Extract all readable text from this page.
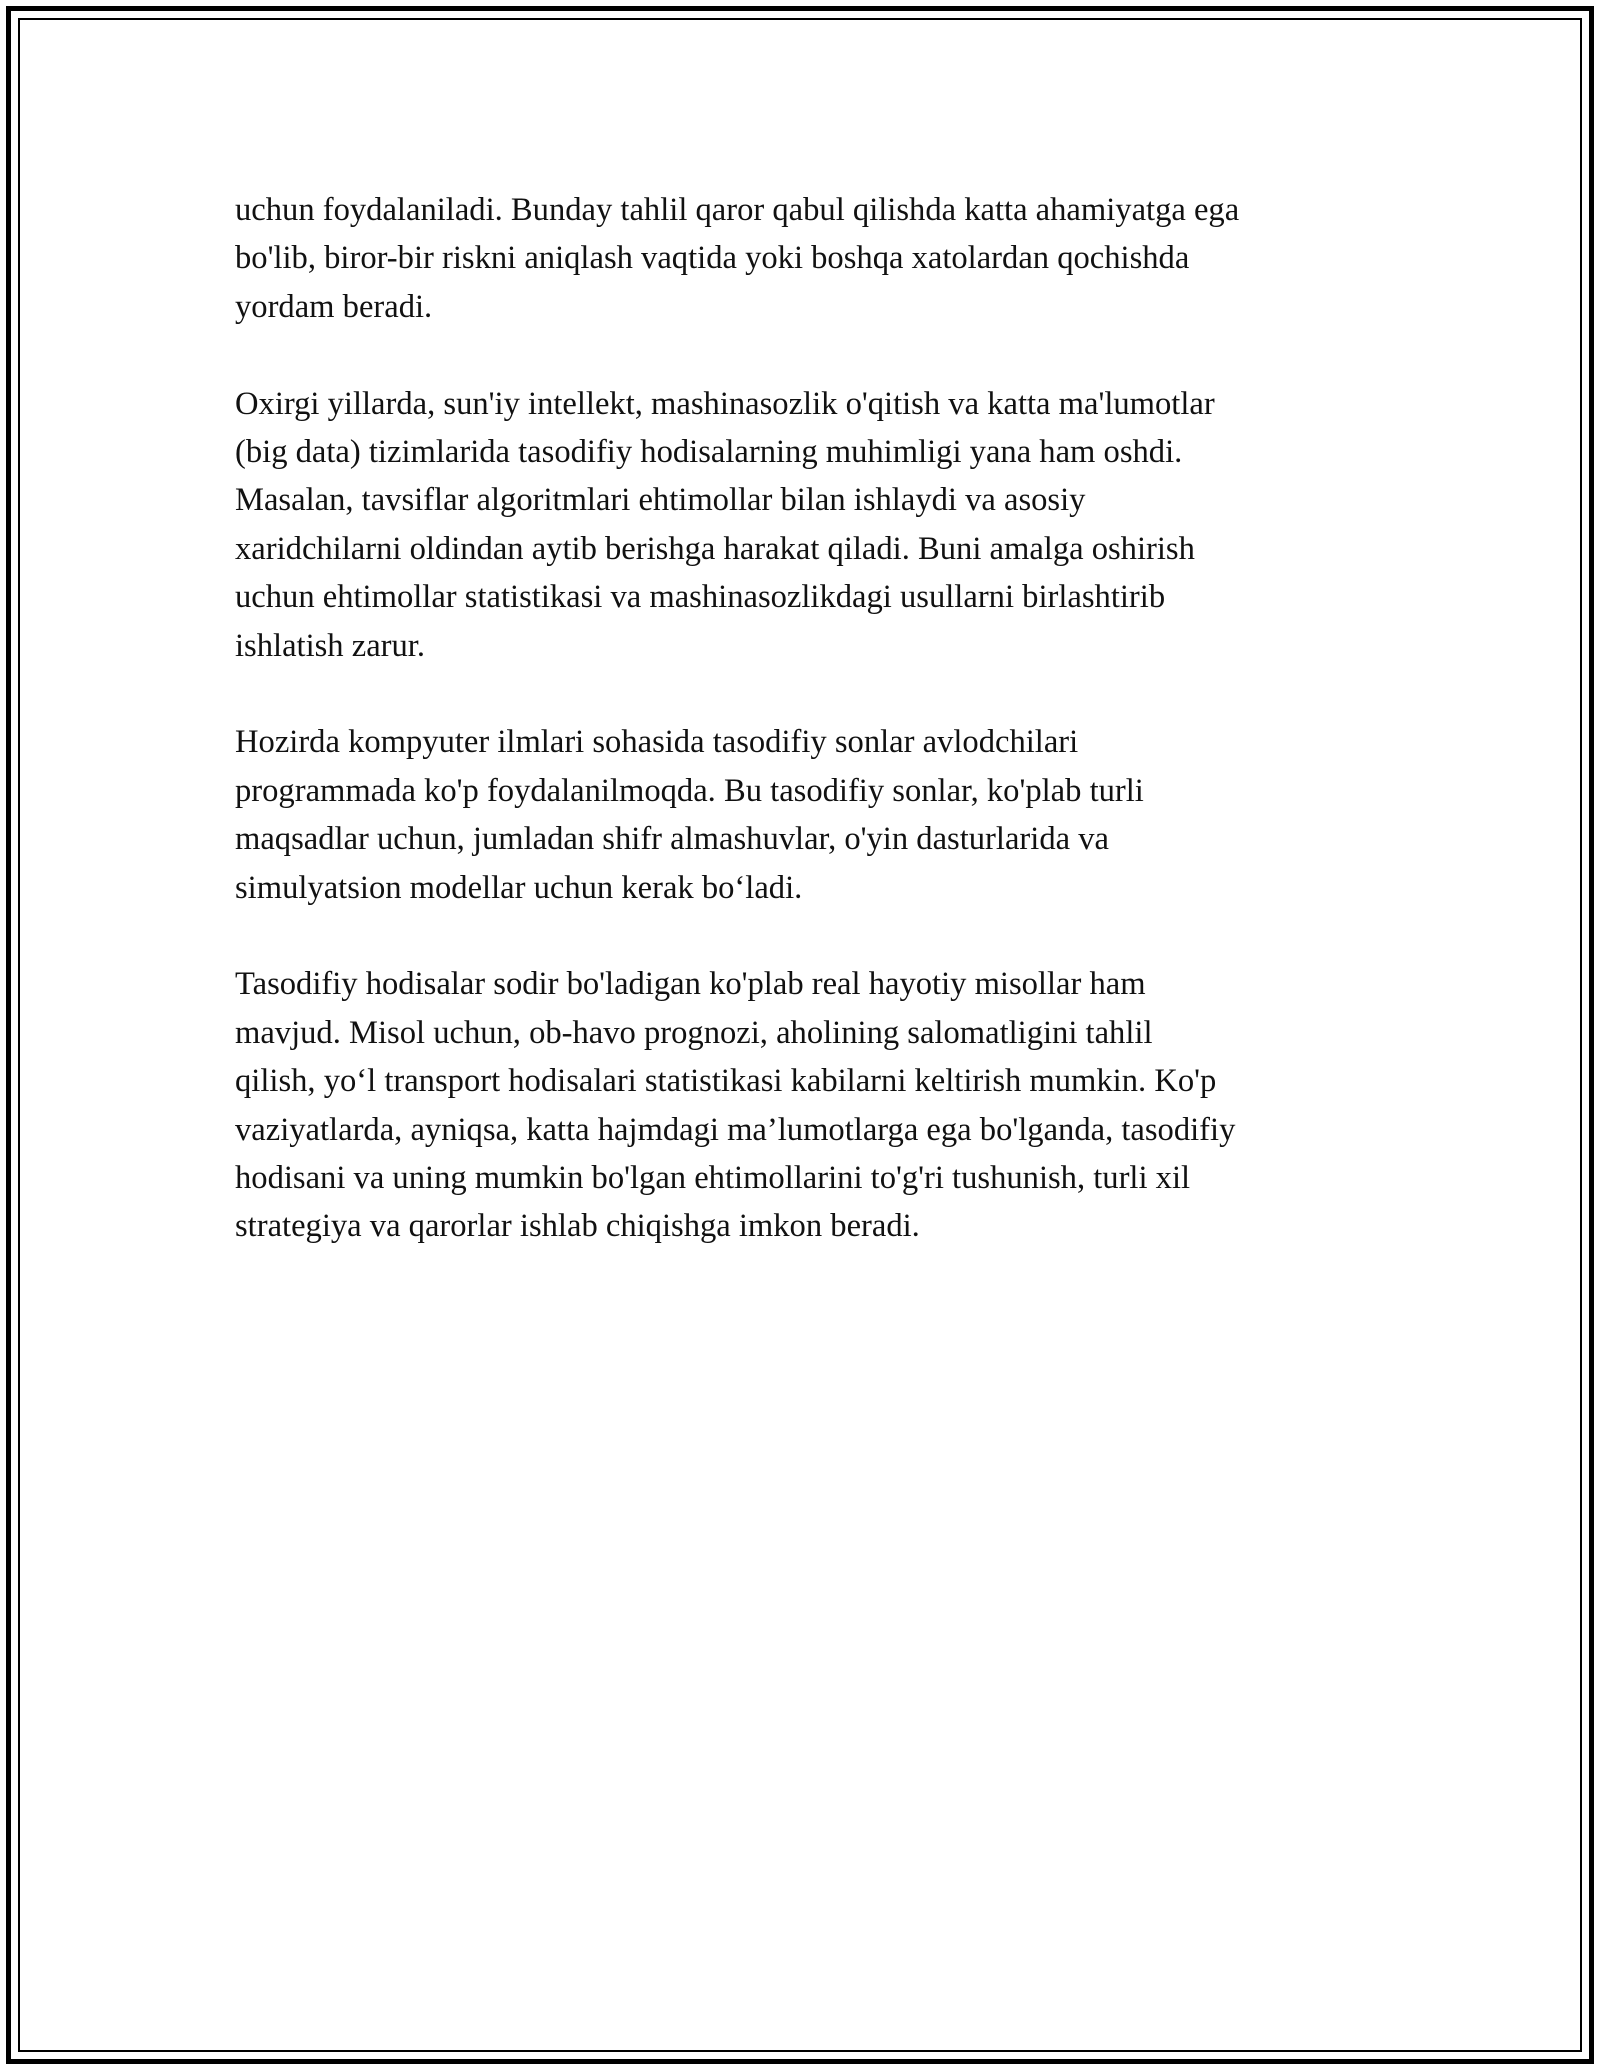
uchun foydalaniladi. Bunday tahlil qaror qabul qilishda katta ahamiyatga ega
bo'lib, biror-bir riskni aniqlash vaqtida yoki boshqa xatolardan qochishda
yordam beradi.

Oxirgi yillarda, sun'iy intellekt, mashinasozlik o'qitish va katta ma'lumotlar
(big data) tizimlarida tasodifiy hodisalarning muhimligi yana ham oshdi.
Masalan, tavsiflar algoritmlari ehtimollar bilan ishlaydi va asosiy
xaridchilarni oldindan aytib berishga harakat qiladi. Buni amalga oshirish
uchun ehtimollar statistikasi va mashinasozlikdagi usullarni birlashtirib
ishlatish zarur.

Hozirda kompyuter ilmlari sohasida tasodifiy sonlar avlodchilari
programmada ko'p foydalanilmoqda. Bu tasodifiy sonlar, ko'plab turli
maqsadlar uchun, jumladan shifr almashuvlar, o'yin dasturlarida va
simulyatsion modellar uchun kerak bo‘ladi.

Tasodifiy hodisalar sodir bo'ladigan ko'plab real hayotiy misollar ham
mavjud. Misol uchun, ob-havo prognozi, aholining salomatligini tahlil
qilish, yo‘l transport hodisalari statistikasi kabilarni keltirish mumkin. Ko'p
vaziyatlarda, ayniqsa, katta hajmdagi ma’lumotlarga ega bo'lganda, tasodifiy
hodisani va uning mumkin bo'lgan ehtimollarini to'g'ri tushunish, turli xil
strategiya va qarorlar ishlab chiqishga imkon beradi.
